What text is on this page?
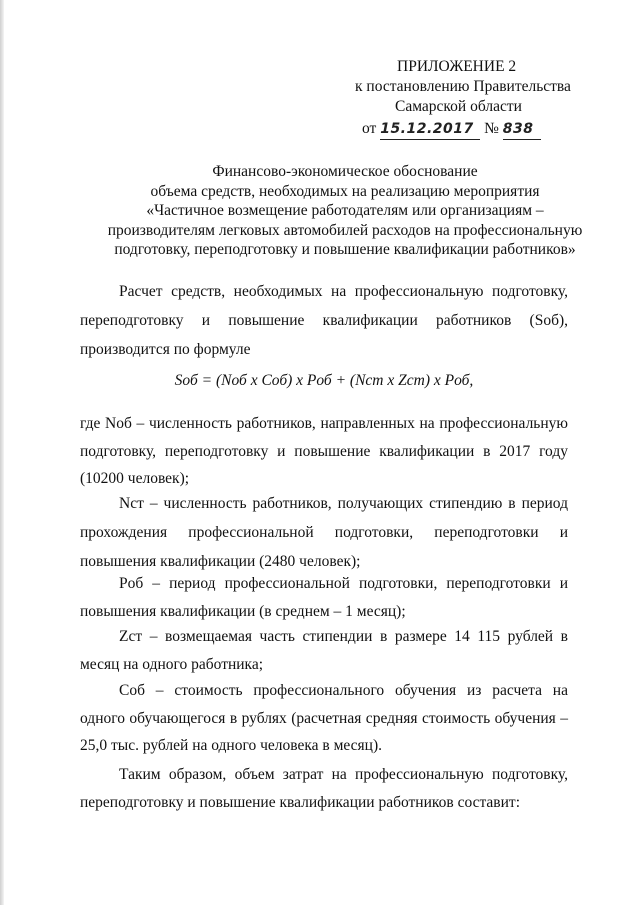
ПРИЛОЖЕНИЕ 2
к постановлению Правительства
Самарской области
от 15.12.2017 № 838
Финансово-экономическое обоснование
объема средств, необходимых на реализацию мероприятия
«Частичное возмещение работодателям или организациям –
производителям легковых автомобилей расходов на профессиональную
подготовку, переподготовку и повышение квалификации работников»
Расчет средств, необходимых на профессиональную подготовку, переподготовку и повышение квалификации работников (Sоб), производится по формуле
Sоб = (Nоб x Cоб) x Pоб + (Nст x Zст) x Pоб,
где Nоб – численность работников, направленных на профессиональную подготовку, переподготовку и повышение квалификации в 2017 году (10200 человек);
Nст – численность работников, получающих стипендию в период прохождения профессиональной подготовки, переподготовки и повышения квалификации (2480 человек);
Pоб – период профессиональной подготовки, переподготовки и повышения квалификации (в среднем – 1 месяц);
Zст – возмещаемая часть стипендии в размере 14 115 рублей в месяц на одного работника;
Cоб – стоимость профессионального обучения из расчета на одного обучающегося в рублях (расчетная средняя стоимость обучения – 25,0 тыс. рублей на одного человека в месяц).
Таким образом, объем затрат на профессиональную подготовку, переподготовку и повышение квалификации работников составит:
